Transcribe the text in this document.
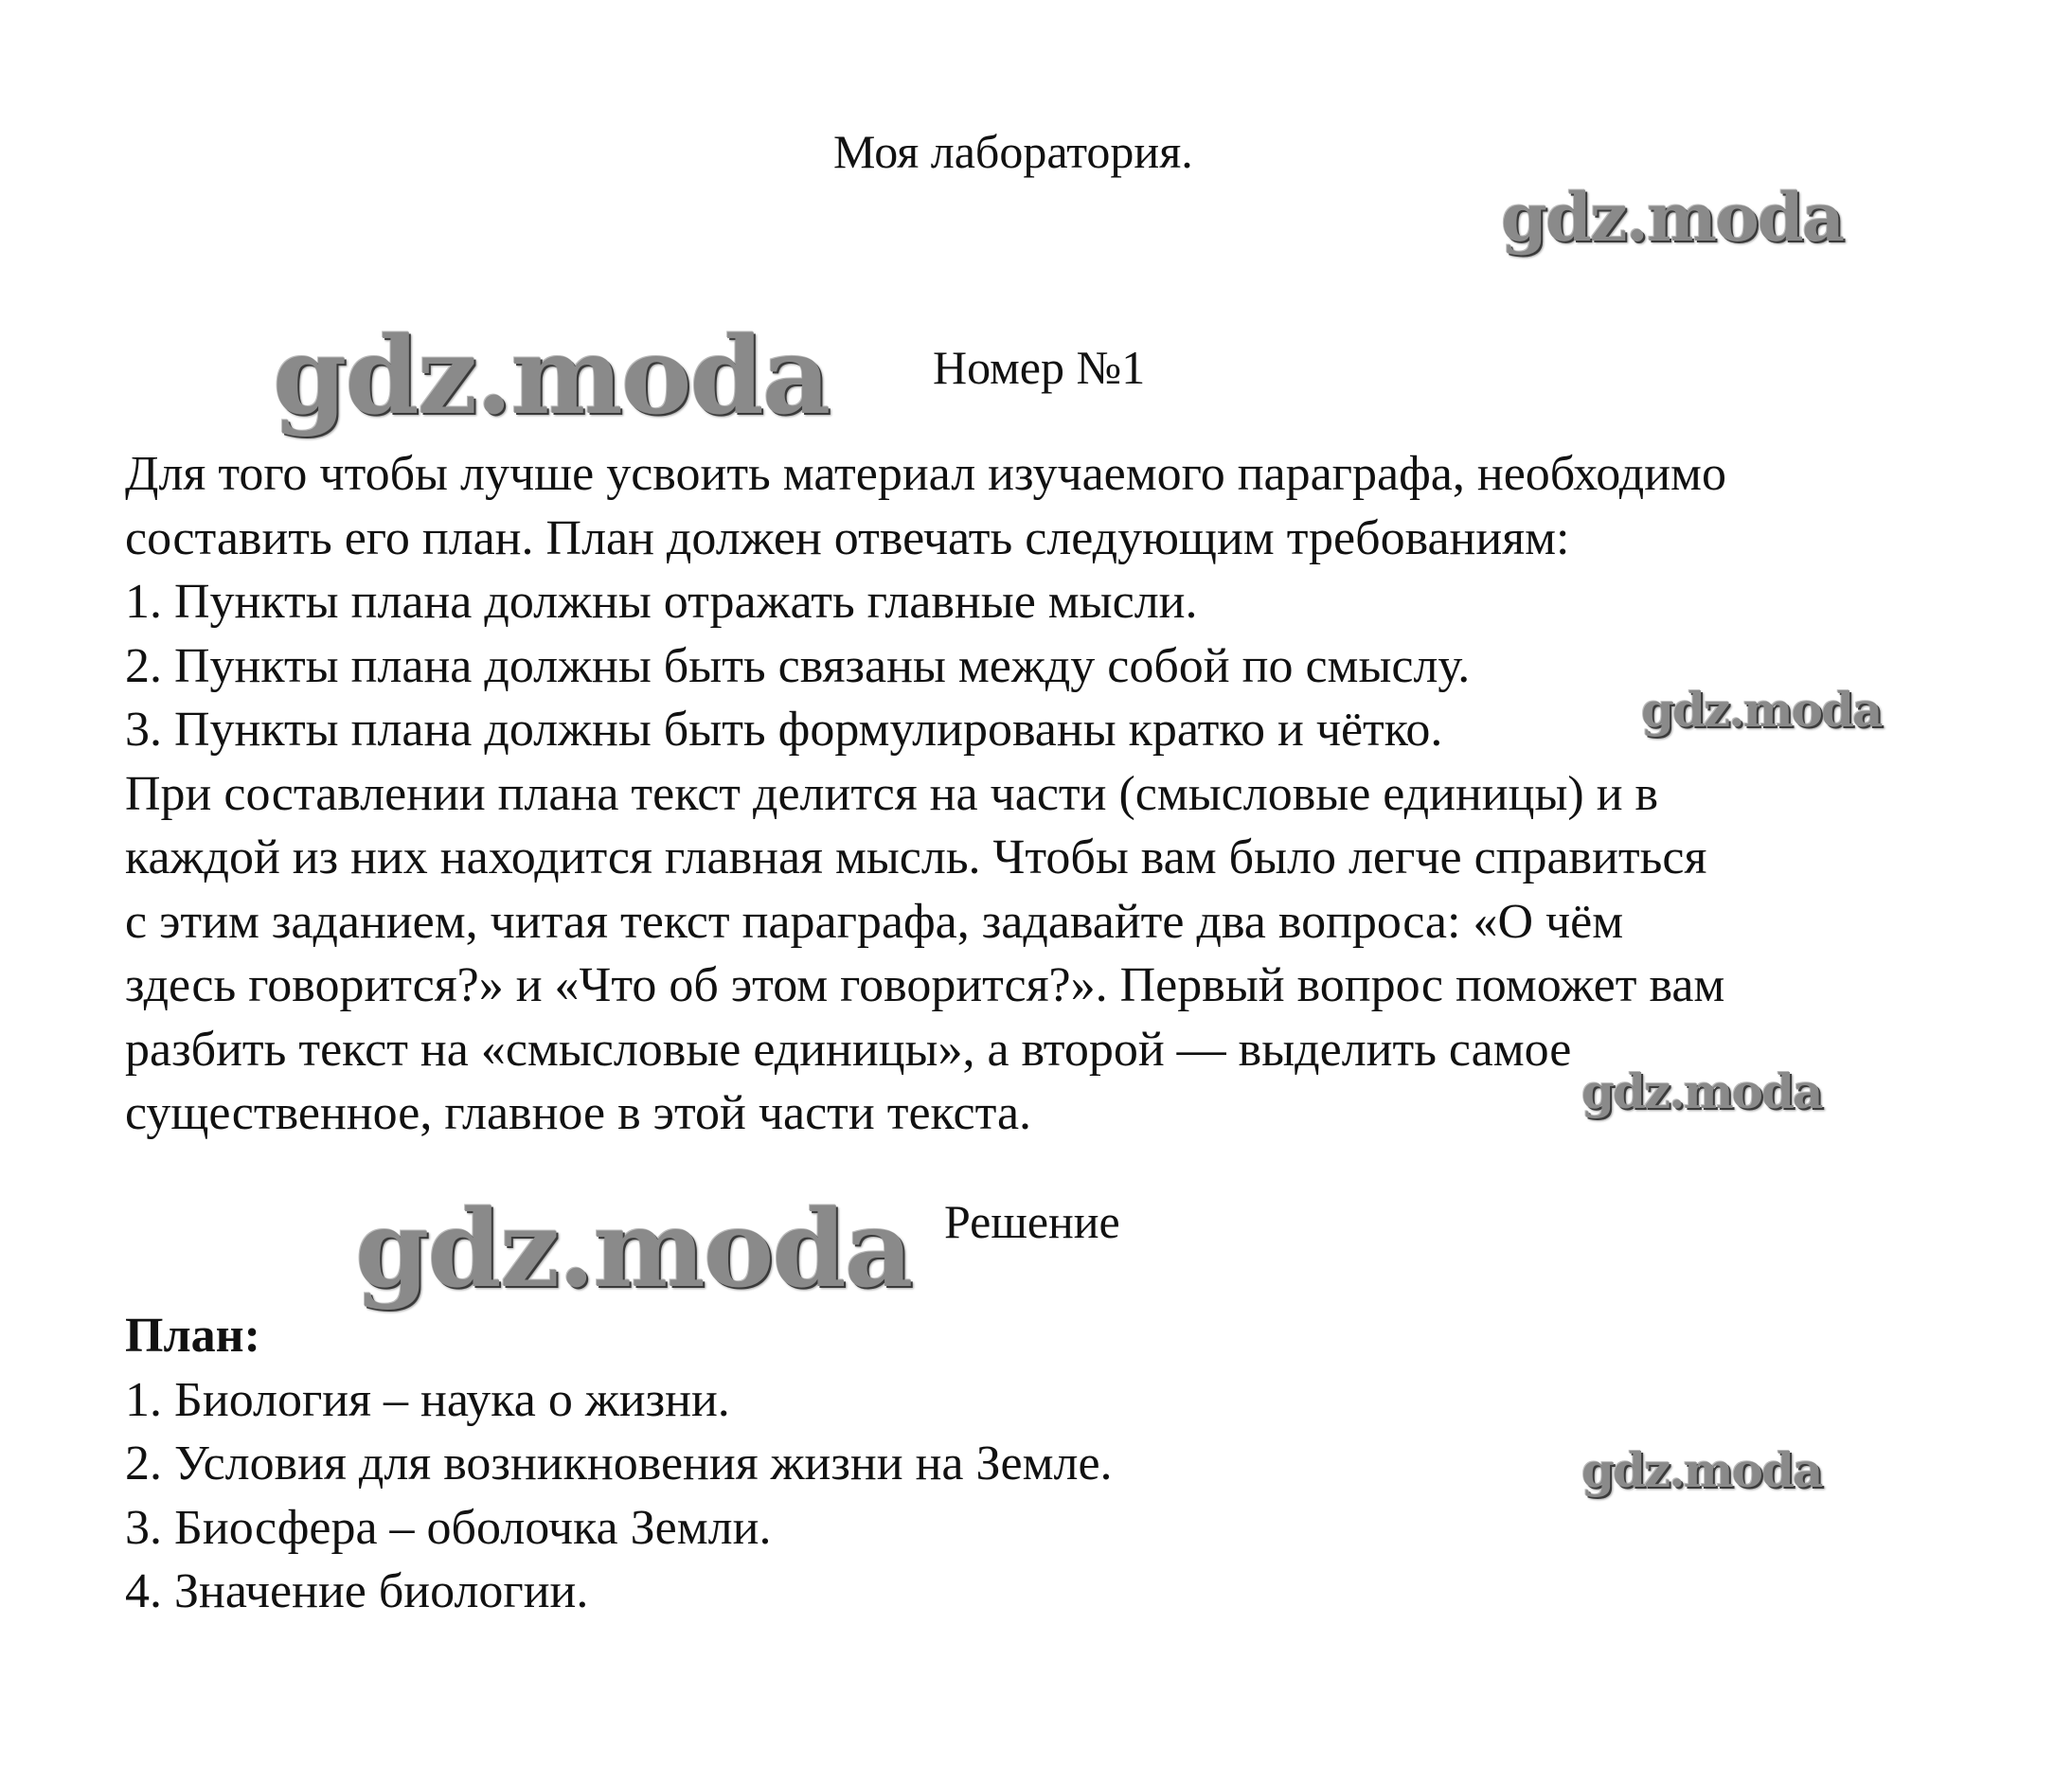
Моя лаборатория.
gdz.moda
gdz.moda Номер №1

Для того чтобы лучше усвоить материал изучаемого параграфа, необходимо

составить его план. План должен отвечать следующим требованиям:

1. Пункты плана должны отражать главные мысли.

2. Пункты плана должны быть связаны между собой по смыслу.

3. Пункты плана должны быть формулированы кратко и чётко.

При составлении плана текст делится на части (смысловые единицы) и в

каждой из них находится главная мысль. Чтобы вам было легче справиться

с этим заданием, читая текст параграфа, задавайте два вопроса: «О чём

здесь говорится?» и «Что об этом говорится?». Первый вопрос поможет вам

разбить текст на «смысловые единицы», а второй — выделить самое

существенное, главное в этой части текста.

gdz.moda
gdz.moda
gdz.moda Решение

План:

1. Биология – наука о жизни.

2. Условия для возникновения жизни на Земле.

3. Биосфера – оболочка Земли.

4. Значение биологии.

gdz.moda
